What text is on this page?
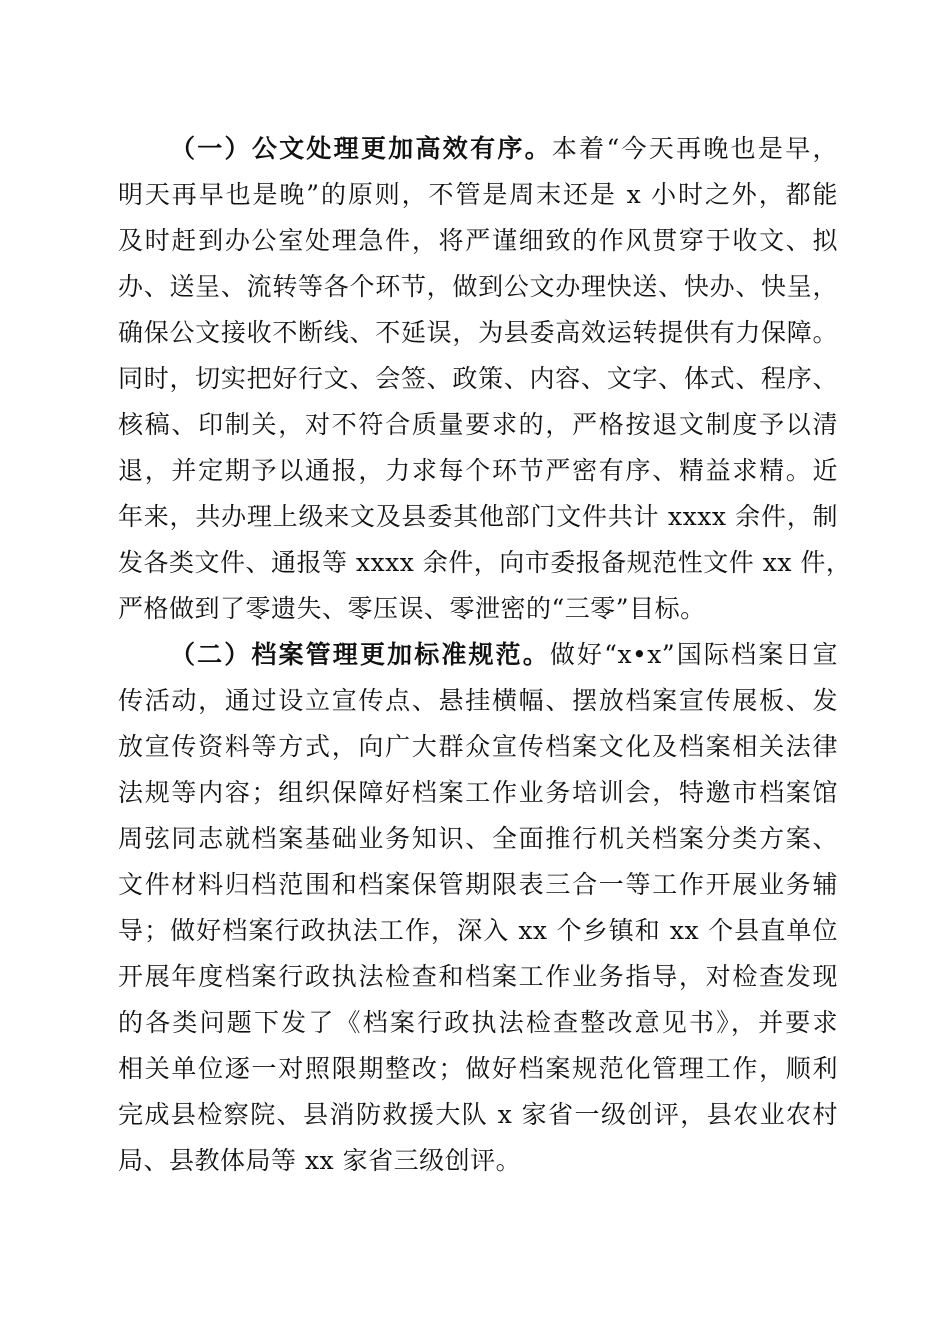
（一）公文处理更加高效有序。本着“今天再晚也是早，
明天再早也是晚”的原则，不管是周末还是 x 小时之外，都能
及时赶到办公室处理急件，将严谨细致的作风贯穿于收文、拟
办、送呈、流转等各个环节，做到公文办理快送、快办、快呈，
确保公文接收不断线、不延误，为县委高效运转提供有力保障。
同时，切实把好行文、会签、政策、内容、文字、体式、程序、
核稿、印制关，对不符合质量要求的，严格按退文制度予以清
退，并定期予以通报，力求每个环节严密有序、精益求精。近
年来，共办理上级来文及县委其他部门文件共计 xxxx 余件，制
发各类文件、通报等 xxxx 余件，向市委报备规范性文件 xx 件，
严格做到了零遗失、零压误、零泄密的“三零”目标。
（二）档案管理更加标准规范。做好“x•x”国际档案日宣
传活动，通过设立宣传点、悬挂横幅、摆放档案宣传展板、发
放宣传资料等方式，向广大群众宣传档案文化及档案相关法律
法规等内容；组织保障好档案工作业务培训会，特邀市档案馆
周弦同志就档案基础业务知识、全面推行机关档案分类方案、
文件材料归档范围和档案保管期限表三合一等工作开展业务辅
导；做好档案行政执法工作，深入 xx 个乡镇和 xx 个县直单位
开展年度档案行政执法检查和档案工作业务指导，对检查发现
的各类问题下发了《档案行政执法检查整改意见书》，并要求
相关单位逐一对照限期整改；做好档案规范化管理工作，顺利
完成县检察院、县消防救援大队 x 家省一级创评，县农业农村
局、县教体局等 xx 家省三级创评。
